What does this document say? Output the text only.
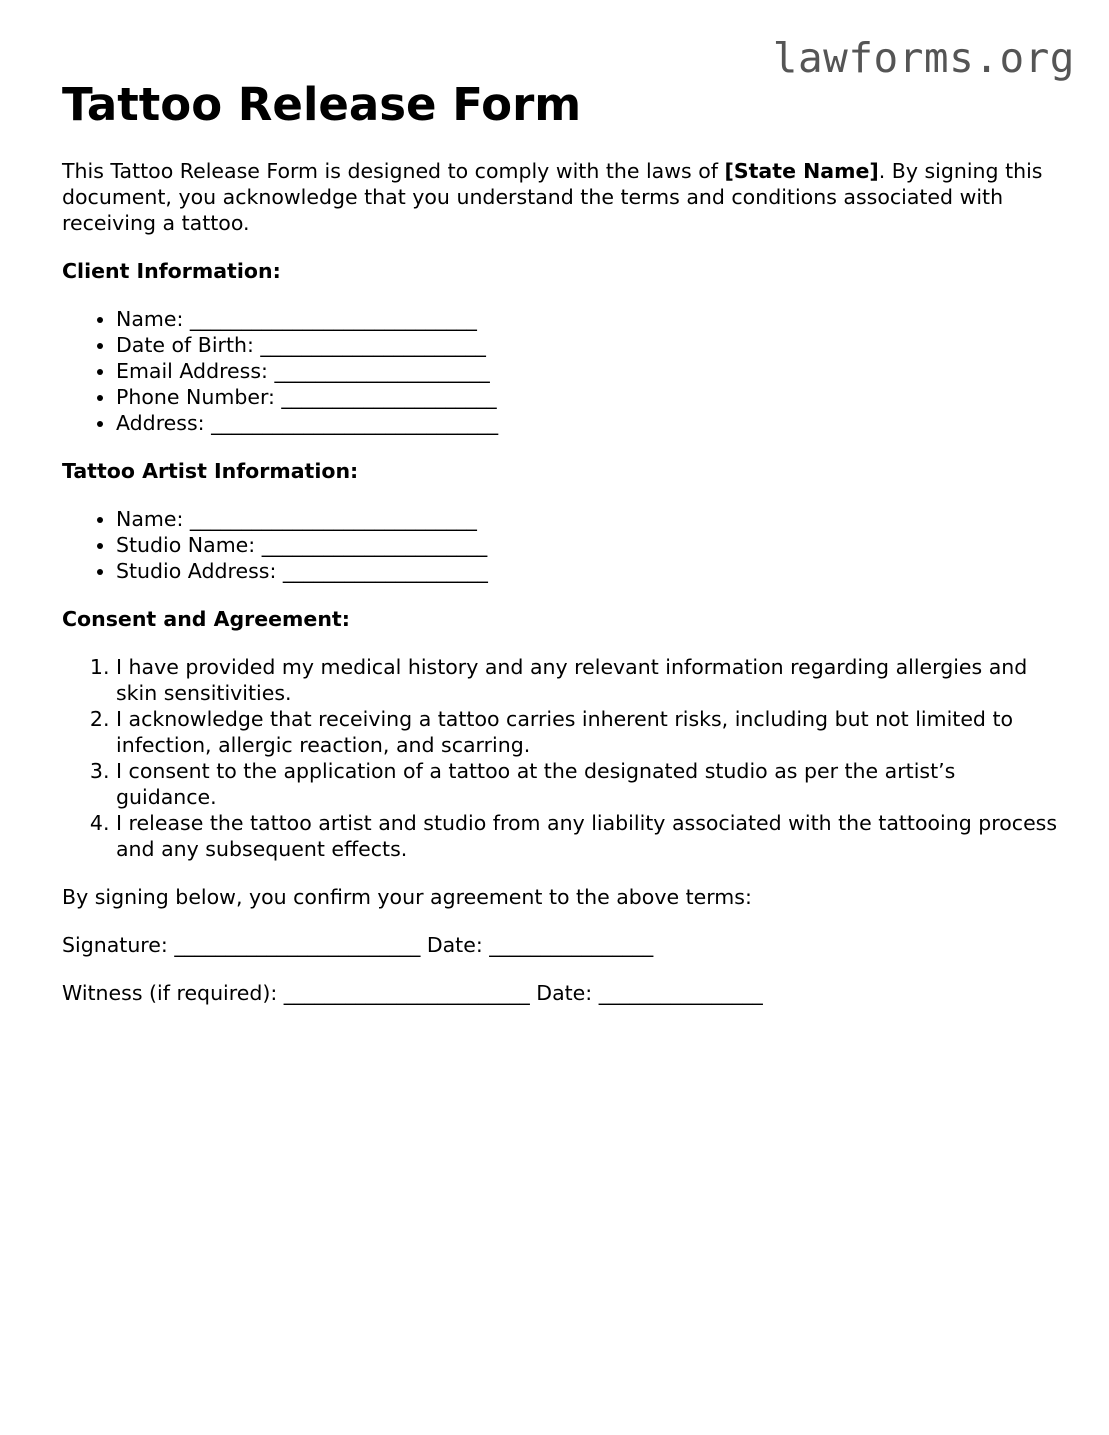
lawforms.org
Tattoo Release Form

This Tattoo Release Form is designed to comply with the laws of [State Name]. By signing this document, you acknowledge that you understand the terms and conditions associated with receiving a tattoo.

Client Information:
• Name: ____________________________
• Date of Birth: ______________________
• Email Address: _____________________
• Phone Number: _____________________
• Address: ____________________________
Tattoo Artist Information:
• Name: ____________________________
• Studio Name: ______________________
• Studio Address: ____________________
Consent and Agreement:
1. I have provided my medical history and any relevant information regarding allergies and skin sensitivities.
2. I acknowledge that receiving a tattoo carries inherent risks, including but not limited to infection, allergic reaction, and scarring.
3. I consent to the application of a tattoo at the designated studio as per the artist’s guidance.
4. I release the tattoo artist and studio from any liability associated with the tattooing process and any subsequent effects.

By signing below, you confirm your agreement to the above terms:

Signature: ________________________ Date: ________________

Witness (if required): ________________________ Date: ________________
